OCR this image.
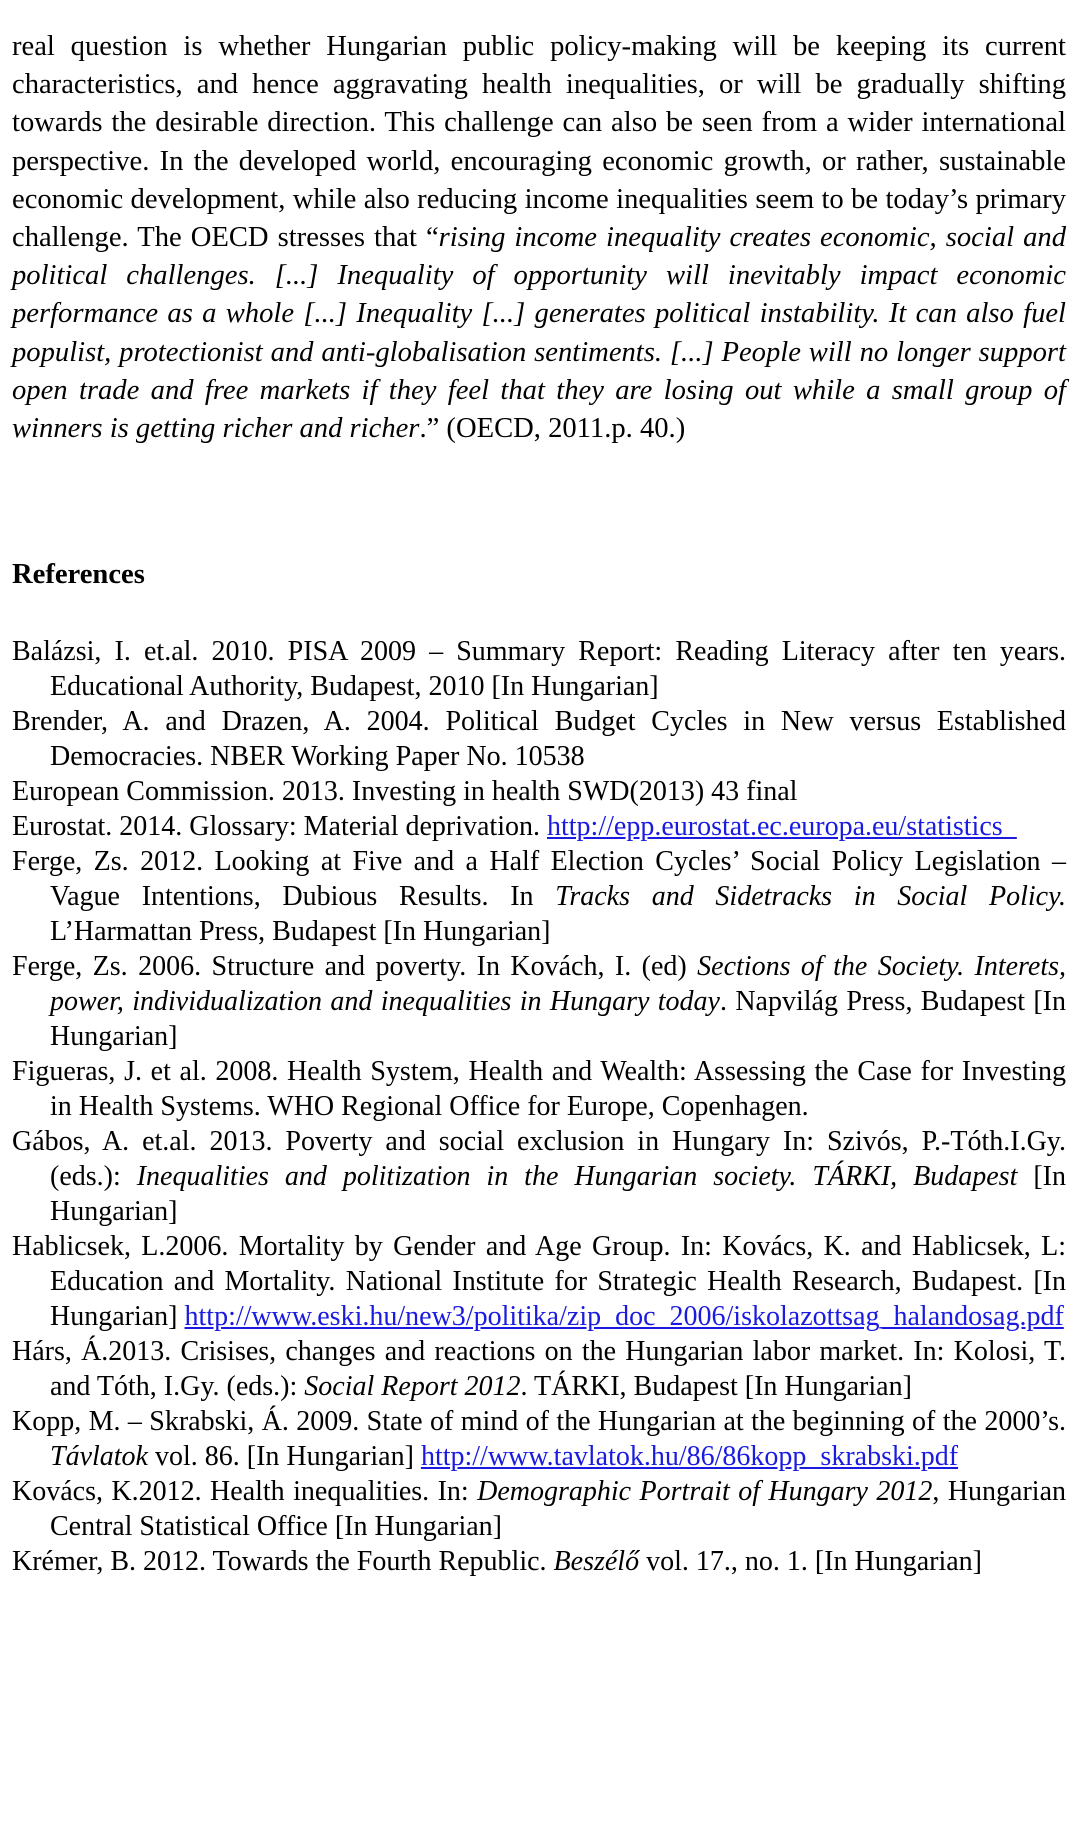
real question is whether Hungarian public policy-making will be keeping its current characteristics, and hence aggravating health inequalities, or will be gradually shifting towards the desirable direction. This challenge can also be seen from a wider international perspective. In the developed world, encouraging economic growth, or rather, sustainable economic development, while also reducing income inequalities seem to be today’s primary challenge. The OECD stresses that “rising income inequality creates economic, social and political challenges. [...] Inequality of opportunity will inevitably impact economic performance as a whole [...] Inequality [...] generates political instability. It can also fuel populist, protectionist and anti-globalisation sentiments. [...] People will no longer support open trade and free markets if they feel that they are losing out while a small group of winners is getting richer and richer.” (OECD, 2011.p. 40.)

References

Balázsi, I. et.al. 2010. PISA 2009 – Summary Report: Reading Literacy after ten years. Educational Authority, Budapest, 2010 [In Hungarian]

Brender, A. and Drazen, A. 2004. Political Budget Cycles in New versus Established Democracies. NBER Working Paper No. 10538

European Commission. 2013. Investing in health SWD(2013) 43 final

Eurostat. 2014. Glossary: Material deprivation. http://epp.eurostat.ec.europa.eu/statistics_

Ferge, Zs. 2012. Looking at Five and a Half Election Cycles’ Social Policy Legislation – Vague Intentions, Dubious Results. In Tracks and Sidetracks in Social Policy. L’Harmattan Press, Budapest [In Hungarian]

Ferge, Zs. 2006. Structure and poverty. In Kovách, I. (ed) Sections of the Society. Interets, power, individualization and inequalities in Hungary today. Napvilág Press, Budapest [In Hungarian]

Figueras, J. et al. 2008. Health System, Health and Wealth: Assessing the Case for Investing in Health Systems. WHO Regional Office for Europe, Copenhagen.

Gábos, A. et.al. 2013. Poverty and social exclusion in Hungary In: Szivós, P.-Tóth.I.Gy. (eds.): Inequalities and politization in the Hungarian society. TÁRKI, Budapest [In Hungarian]

Hablicsek, L.2006. Mortality by Gender and Age Group. In: Kovács, K. and Hablicsek, L: Education and Mortality. National Institute for Strategic Health Research, Budapest. [In Hungarian] http://www.eski.hu/new3/politika/zip_doc_2006/iskolazottsag_halandosag.pdf

Hárs, Á.2013. Crisises, changes and reactions on the Hungarian labor market. In: Kolosi, T. and Tóth, I.Gy. (eds.): Social Report 2012. TÁRKI, Budapest [In Hungarian]

Kopp, M. – Skrabski, Á. 2009. State of mind of the Hungarian at the beginning of the 2000’s. Távlatok vol. 86. [In Hungarian] http://www.tavlatok.hu/86/86kopp_skrabski.pdf

Kovács, K.2012. Health inequalities. In: Demographic Portrait of Hungary 2012, Hungarian Central Statistical Office [In Hungarian]

Krémer, B. 2012. Towards the Fourth Republic. Beszélő vol. 17., no. 1. [In Hungarian]
